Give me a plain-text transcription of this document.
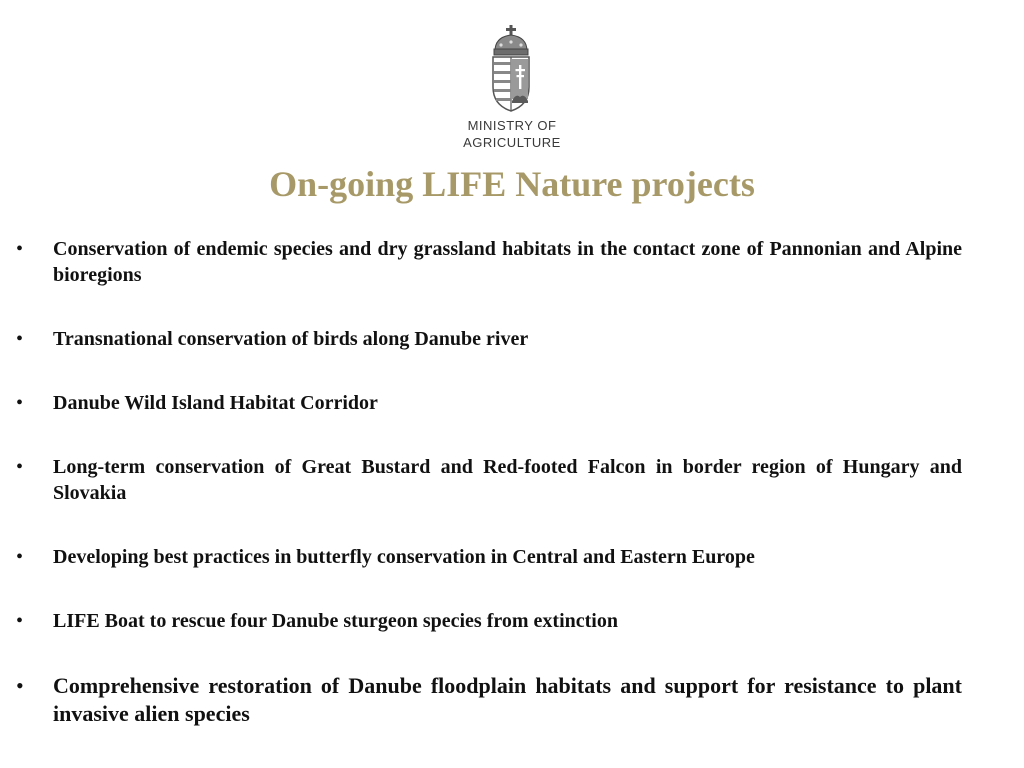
MINISTRY OF
AGRICULTURE
On-going LIFE Nature projects
• Conservation of endemic species and dry grassland habitats in the contact zone of Pannonian and Alpine bioregions
• Transnational conservation of birds along Danube river
• Danube Wild Island Habitat Corridor
• Long-term conservation of Great Bustard and Red-footed Falcon in border region of Hungary and Slovakia
• Developing best practices in butterfly conservation in Central and Eastern Europe
• LIFE Boat to rescue four Danube sturgeon species from extinction
• Comprehensive restoration of Danube floodplain habitats and support for resistance to plant invasive alien species
